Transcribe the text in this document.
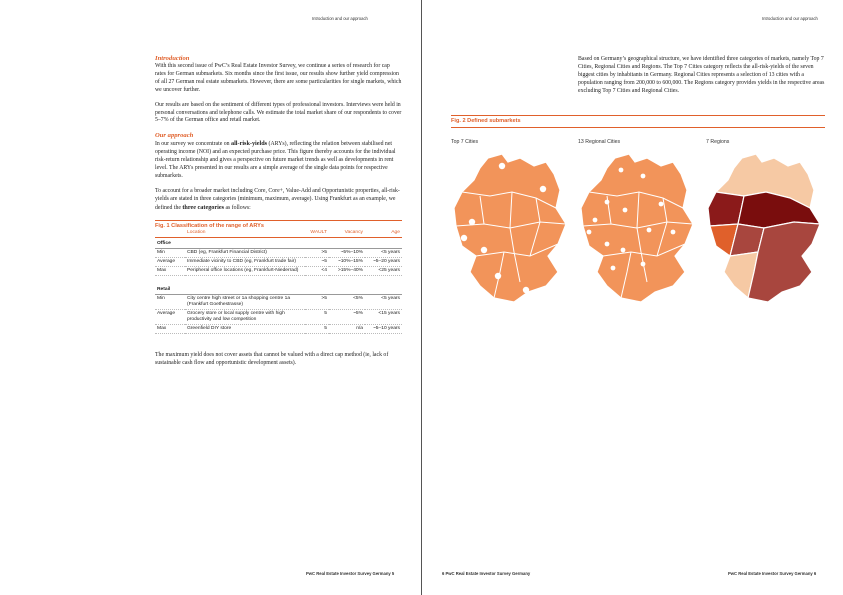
Introduction and our approach
Introduction

With this second issue of PwC’s Real Estate Investor Survey, we continue a series of research for cap rates for German submarkets. Six months since the first issue, our results show further yield compression of all 27 German real estate submarkets. However, there are some particularities for single markets, which we uncover further.

Our results are based on the sentiment of different types of professional investors. Interviews were held in personal conversations and telephone calls. We estimate the total market share of our respondents to cover 5–7% of the German office and retail market.

Our approach

In our survey we concentrate on all-risk-yields (ARYs), reflecting the relation between stabilised net operating income (NOI) and an expected purchase price. This figure thereby accounts for the individual risk-return relationship and gives a perspective on future market trends as well as developments in rent level. The ARYs presented in our results are a simple average of the single data points for respective submarkets.

To account for a broader market including Core, Core+, Value-Add and Opportunistic properties, all-risk-yields are stated in three categories (minimum, maximum, average). Using Frankfurt as an example, we defined the three categories as follows:

Fig. 1 Classification of the range of ARYs
	Location	WAULT	Vacancy	Age
Office				
Min	CBD (eg, Frankfurt Financial District)	>5	~5%–10%	<5 years
Average	Immediate vicinity to CBD (eg, Frankfurt trade fair)	~5	~10%–15%	~5–20 years
Max	Peripheral office locations (eg, Frankfurt-Niederrad)	<4	>15%–40%	<25 years

Retail				
Min	City centre high street or 1a shopping centre 1a (Frankfurt Goethestrasse)	>5	<5%	<5 years
Average	Grocery store or local supply centre with high productivity and low competition	5	~5%	<15 years
Max	Greenfield DIY store	5	n/a	~5–10 years

The maximum yield does not cover assets that cannot be valued with a direct cap method (ie, lack of sustainable cash flow and opportunistic development assets).

PwC Real Estate Investor Survey Germany 5
Introduction and our approach

Based on Germany’s geographical structure, we have identified three categories of markets, namely Top 7 Cities, Regional Cities and Regions. The Top 7 Cities category reflects the all-risk-yields of the seven biggest cities by inhabitants in Germany. Regional Cities represents a selection of 13 cities with a population ranging from 200,000 to 600,000. The Regions category provides yields in the respective areas excluding Top 7 Cities and Regional Cities.

Fig. 2 Defined submarkets
Top 7 Cities	13 Regional Cities	7 Regions
6 PwC Real Estate Investor Survey Germany	PwC Real Estate Investor Survey Germany 6
